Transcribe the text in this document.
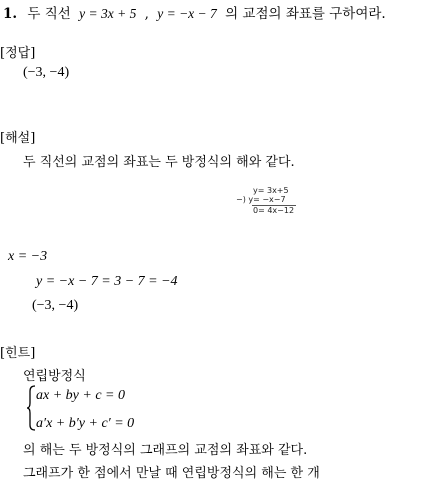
1. 두 직선 y = 3x + 5 , y = −x − 7 의 교점의 좌표를 구하여라.
[정답]
(−3, −4)
[해설]
두 직선의 교점의 좌표는 두 방정식의 해와 같다.
y= 3x+5
−) y= −x−7
0= 4x−12
x = −3
y = −x − 7 = 3 − 7 = −4
(−3, −4)
[힌트]
연립방정식
ax + by + c = 0
a′x + b′y + c′ = 0
의 해는 두 방정식의 그래프의 교점의 좌표와 같다.
그래프가 한 점에서 만날 때 연립방정식의 해는 한 개
